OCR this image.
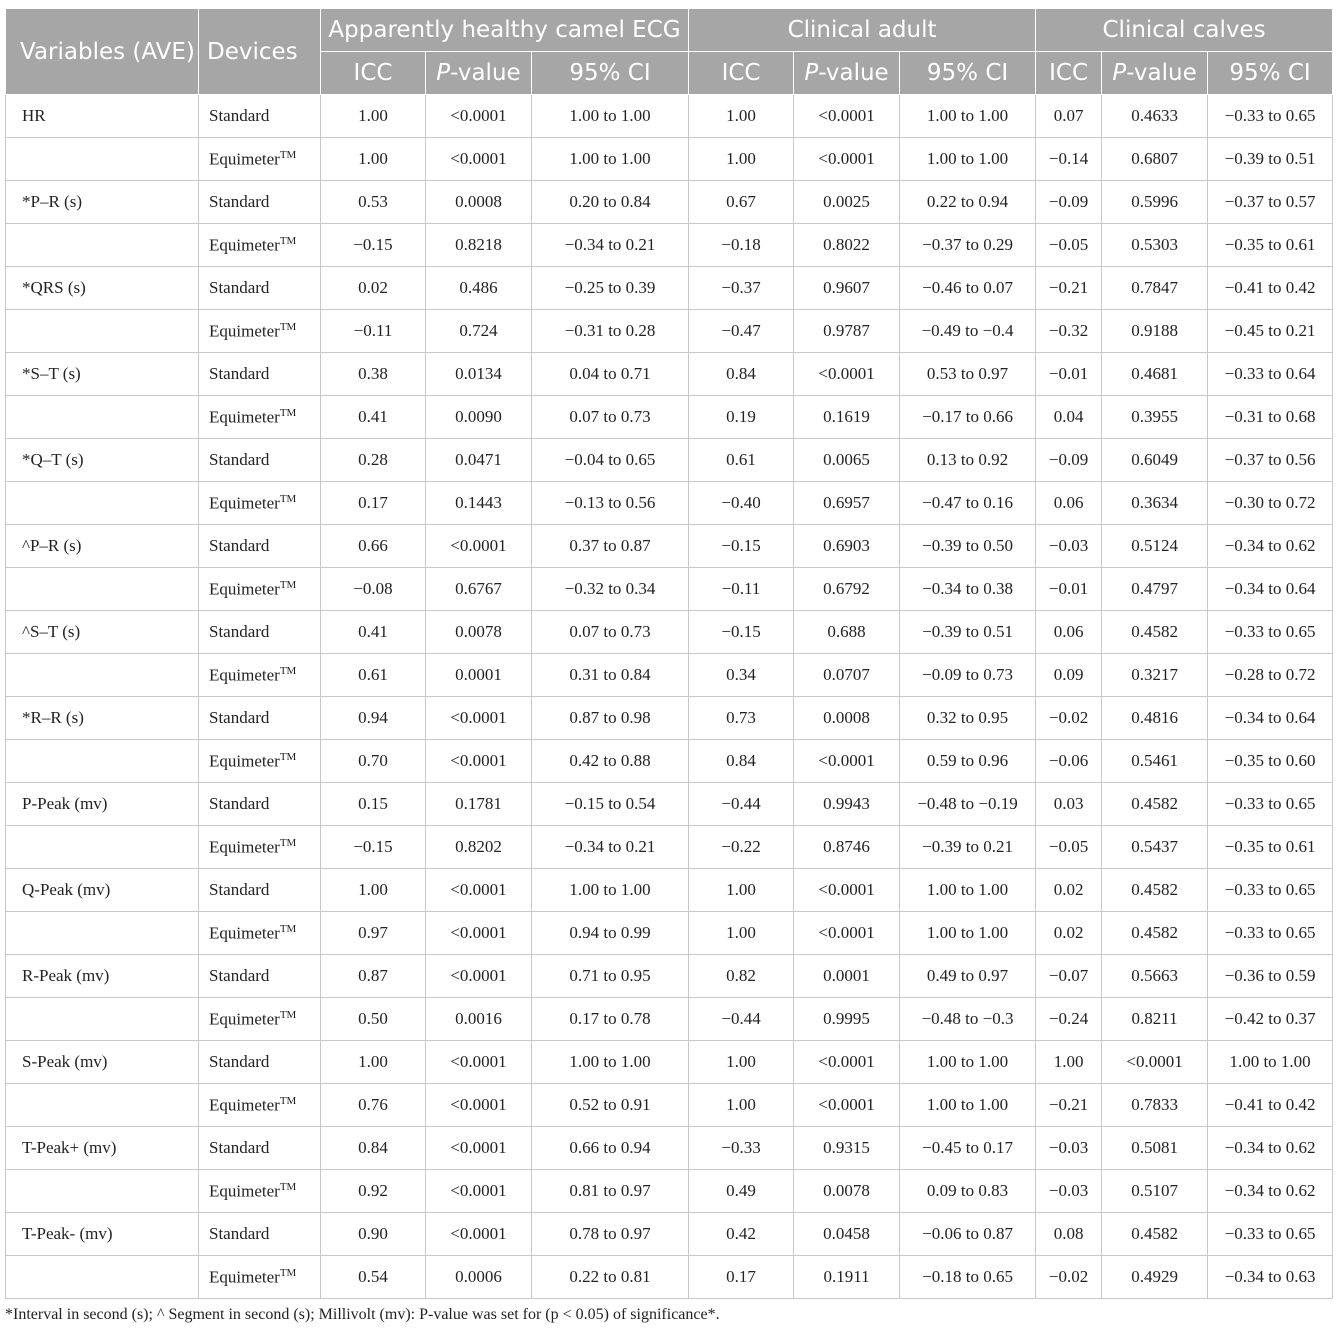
Variables (AVE)	Devices	Apparently healthy camel ECG			Clinical adult			Clinical calves		
		ICC	P-value	95% CI	ICC	P-value	95% CI	ICC	P-value	95% CI
HR	Standard	1.00	<0.0001	1.00 to 1.00	1.00	<0.0001	1.00 to 1.00	0.07	0.4633	−0.33 to 0.65
	Equimeter™	1.00	<0.0001	1.00 to 1.00	1.00	<0.0001	1.00 to 1.00	−0.14	0.6807	−0.39 to 0.51
*P–R (s)	Standard	0.53	0.0008	0.20 to 0.84	0.67	0.0025	0.22 to 0.94	−0.09	0.5996	−0.37 to 0.57
	Equimeter™	−0.15	0.8218	−0.34 to 0.21	−0.18	0.8022	−0.37 to 0.29	−0.05	0.5303	−0.35 to 0.61
*QRS (s)	Standard	0.02	0.486	−0.25 to 0.39	−0.37	0.9607	−0.46 to 0.07	−0.21	0.7847	−0.41 to 0.42
	Equimeter™	−0.11	0.724	−0.31 to 0.28	−0.47	0.9787	−0.49 to −0.4	−0.32	0.9188	−0.45 to 0.21
*S–T (s)	Standard	0.38	0.0134	0.04 to 0.71	0.84	<0.0001	0.53 to 0.97	−0.01	0.4681	−0.33 to 0.64
	Equimeter™	0.41	0.0090	0.07 to 0.73	0.19	0.1619	−0.17 to 0.66	0.04	0.3955	−0.31 to 0.68
*Q–T (s)	Standard	0.28	0.0471	−0.04 to 0.65	0.61	0.0065	0.13 to 0.92	−0.09	0.6049	−0.37 to 0.56
	Equimeter™	0.17	0.1443	−0.13 to 0.56	−0.40	0.6957	−0.47 to 0.16	0.06	0.3634	−0.30 to 0.72
^P–R (s)	Standard	0.66	<0.0001	0.37 to 0.87	−0.15	0.6903	−0.39 to 0.50	−0.03	0.5124	−0.34 to 0.62
	Equimeter™	−0.08	0.6767	−0.32 to 0.34	−0.11	0.6792	−0.34 to 0.38	−0.01	0.4797	−0.34 to 0.64
^S–T (s)	Standard	0.41	0.0078	0.07 to 0.73	−0.15	0.688	−0.39 to 0.51	0.06	0.4582	−0.33 to 0.65
	Equimeter™	0.61	0.0001	0.31 to 0.84	0.34	0.0707	−0.09 to 0.73	0.09	0.3217	−0.28 to 0.72
*R–R (s)	Standard	0.94	<0.0001	0.87 to 0.98	0.73	0.0008	0.32 to 0.95	−0.02	0.4816	−0.34 to 0.64
	Equimeter™	0.70	<0.0001	0.42 to 0.88	0.84	<0.0001	0.59 to 0.96	−0.06	0.5461	−0.35 to 0.60
P-Peak (mv)	Standard	0.15	0.1781	−0.15 to 0.54	−0.44	0.9943	−0.48 to −0.19	0.03	0.4582	−0.33 to 0.65
	Equimeter™	−0.15	0.8202	−0.34 to 0.21	−0.22	0.8746	−0.39 to 0.21	−0.05	0.5437	−0.35 to 0.61
Q-Peak (mv)	Standard	1.00	<0.0001	1.00 to 1.00	1.00	<0.0001	1.00 to 1.00	0.02	0.4582	−0.33 to 0.65
	Equimeter™	0.97	<0.0001	0.94 to 0.99	1.00	<0.0001	1.00 to 1.00	0.02	0.4582	−0.33 to 0.65
R-Peak (mv)	Standard	0.87	<0.0001	0.71 to 0.95	0.82	0.0001	0.49 to 0.97	−0.07	0.5663	−0.36 to 0.59
	Equimeter™	0.50	0.0016	0.17 to 0.78	−0.44	0.9995	−0.48 to −0.3	−0.24	0.8211	−0.42 to 0.37
S-Peak (mv)	Standard	1.00	<0.0001	1.00 to 1.00	1.00	<0.0001	1.00 to 1.00	1.00	<0.0001	1.00 to 1.00
	Equimeter™	0.76	<0.0001	0.52 to 0.91	1.00	<0.0001	1.00 to 1.00	−0.21	0.7833	−0.41 to 0.42
T-Peak+ (mv)	Standard	0.84	<0.0001	0.66 to 0.94	−0.33	0.9315	−0.45 to 0.17	−0.03	0.5081	−0.34 to 0.62
	Equimeter™	0.92	<0.0001	0.81 to 0.97	0.49	0.0078	0.09 to 0.83	−0.03	0.5107	−0.34 to 0.62
T-Peak- (mv)	Standard	0.90	<0.0001	0.78 to 0.97	0.42	0.0458	−0.06 to 0.87	0.08	0.4582	−0.33 to 0.65
	Equimeter™	0.54	0.0006	0.22 to 0.81	0.17	0.1911	−0.18 to 0.65	−0.02	0.4929	−0.34 to 0.63
*Interval in second (s); ^ Segment in second (s); Millivolt (mv): P-value was set for (p < 0.05) of significance*.
